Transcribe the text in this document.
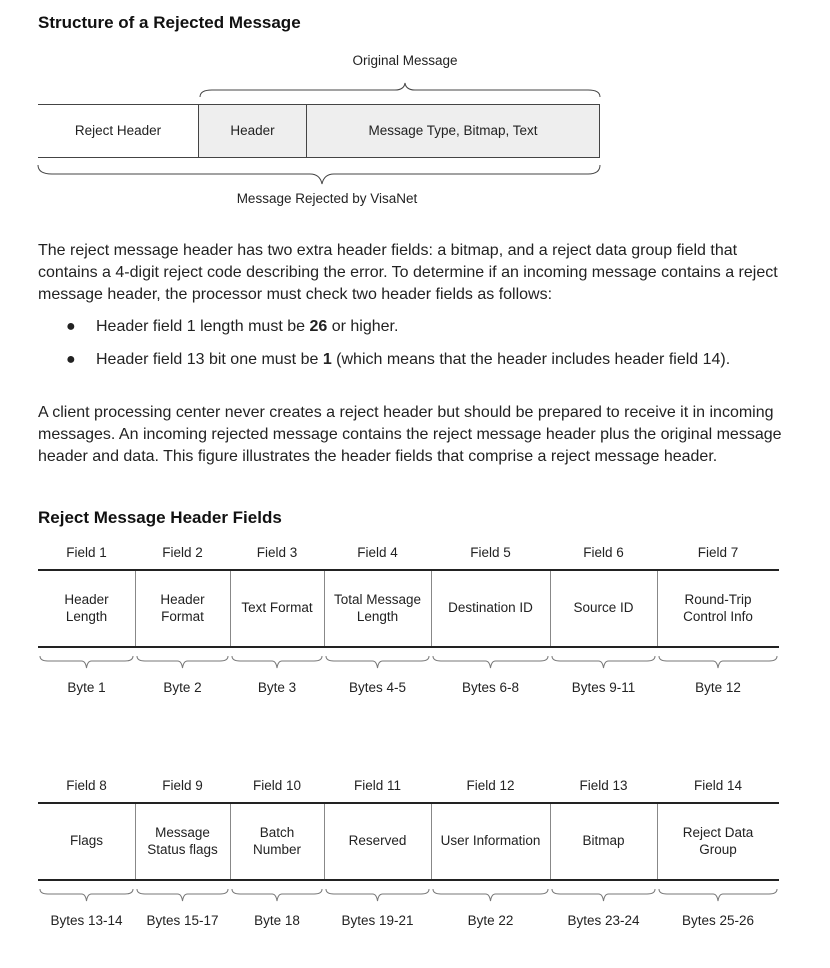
Structure of a Rejected Message
Original Message
Reject Header	Header	Message Type, Bitmap, Text
Message Rejected by VisaNet
The reject message header has two extra header fields: a bitmap, and a reject data group field that contains a 4-digit reject code describing the error. To determine if an incoming message contains a reject message header, the processor must check two header fields as follows:
● Header field 1 length must be 26 or higher.
● Header field 13 bit one must be 1 (which means that the header includes header field 14).
A client processing center never creates a reject header but should be prepared to receive it in incoming messages. An incoming rejected message contains the reject message header plus the original message header and data. This figure illustrates the header fields that comprise a reject message header.
Reject Message Header Fields
Field 1
Header Length
Byte 1
Field 2
Header Format
Byte 2
Field 3
Text Format
Byte 3
Field 4
Total Message Length
Bytes 4-5
Field 5
Destination ID
Bytes 6-8
Field 6
Source ID
Bytes 9-11
Field 7
Round-Trip Control Info
Byte 12
Field 8
Flags
Bytes 13-14
Field 9
Message Status flags
Bytes 15-17
Field 10
Batch Number
Byte 18
Field 11
Reserved
Bytes 19-21
Field 12
User Information
Byte 22
Field 13
Bitmap
Bytes 23-24
Field 14
Reject Data Group
Bytes 25-26
